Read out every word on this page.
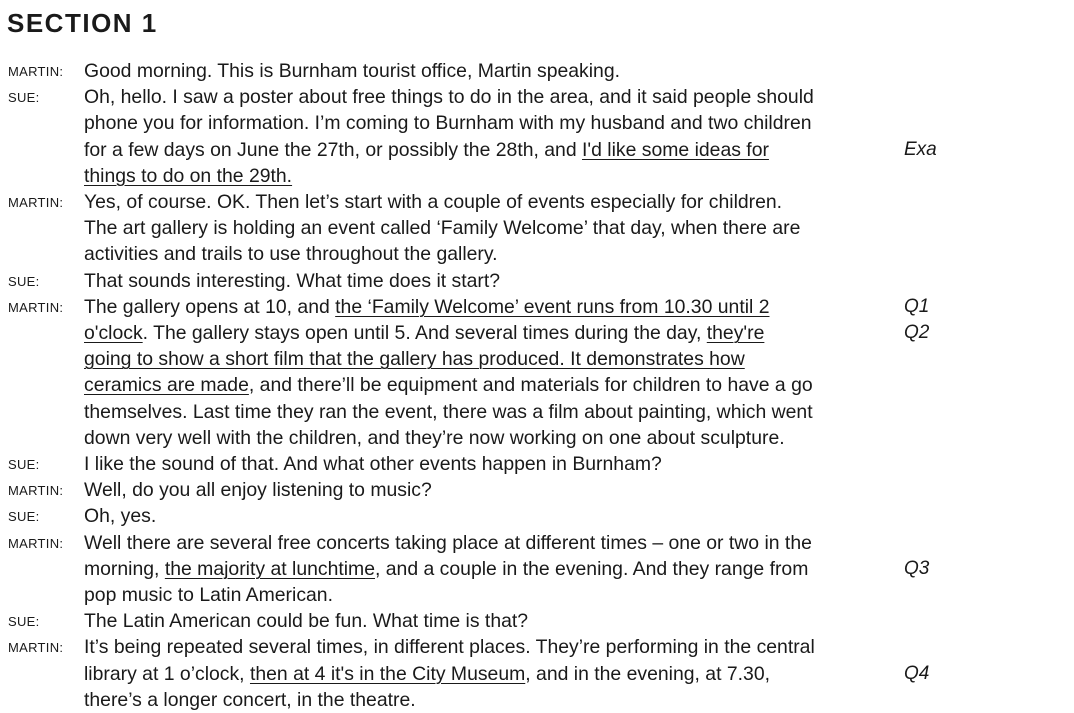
SECTION 1
MARTIN: Good morning. This is Burnham tourist office, Martin speaking.
SUE: Oh, hello. I saw a poster about free things to do in the area, and it said people should
phone you for information. I’m coming to Burnham with my husband and two children
for a few days on June the 27th, or possibly the 28th, and I'd like some ideas for	Exa
things to do on the 29th.
MARTIN: Yes, of course. OK. Then let’s start with a couple of events especially for children.
The art gallery is holding an event called ‘Family Welcome’ that day, when there are
activities and trails to use throughout the gallery.
SUE: That sounds interesting. What time does it start?
MARTIN: The gallery opens at 10, and the ‘Family Welcome’ event runs from 10.30 until 2	Q1
o'clock. The gallery stays open until 5. And several times during the day, they're	Q2
going to show a short film that the gallery has produced. It demonstrates how
ceramics are made, and there’ll be equipment and materials for children to have a go
themselves. Last time they ran the event, there was a film about painting, which went
down very well with the children, and they’re now working on one about sculpture.
SUE: I like the sound of that. And what other events happen in Burnham?
MARTIN: Well, do you all enjoy listening to music?
SUE: Oh, yes.
MARTIN: Well there are several free concerts taking place at different times – one or two in the
morning, the majority at lunchtime, and a couple in the evening. And they range from	Q3
pop music to Latin American.
SUE: The Latin American could be fun. What time is that?
MARTIN: It’s being repeated several times, in different places. They’re performing in the central
library at 1 o’clock, then at 4 it's in the City Museum, and in the evening, at 7.30,	Q4
there’s a longer concert, in the theatre.
